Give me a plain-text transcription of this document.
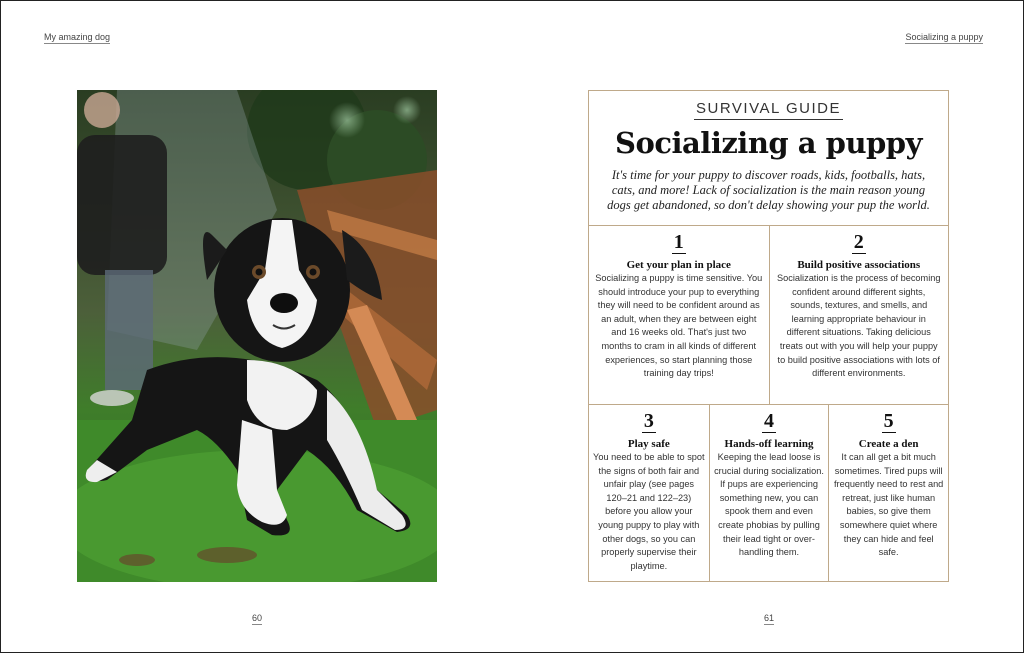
My amazing dog	Socializing a puppy
SURVIVAL GUIDE
Socializing a puppy
It's time for your puppy to discover roads, kids, footballs, hats, cats, and more! Lack of socialization is the main reason young dogs get abandoned, so don't delay showing your pup the world.
1
Get your plan in place
Socializing a puppy is time sensitive. You should introduce your pup to everything they will need to be confident around as an adult, when they are between eight and 16 weeks old. That's just two months to cram in all kinds of different experiences, so start planning those training day trips!
2
Build positive associations
Socialization is the process of becoming confident around different sights, sounds, textures, and smells, and learning appropriate behaviour in different situations. Taking delicious treats out with you will help your puppy to build positive associations with lots of different environments.
3
Play safe
You need to be able to spot the signs of both fair and unfair play (see pages 120–21 and 122–23) before you allow your young puppy to play with other dogs, so you can properly supervise their playtime.
4
Hands-off learning
Keeping the lead loose is crucial during socialization. If pups are experiencing something new, you can spook them and even create phobias by pulling their lead tight or over-handling them.
5
Create a den
It can all get a bit much sometimes. Tired pups will frequently need to rest and retreat, just like human babies, so give them somewhere quiet where they can hide and feel safe.
60	61
